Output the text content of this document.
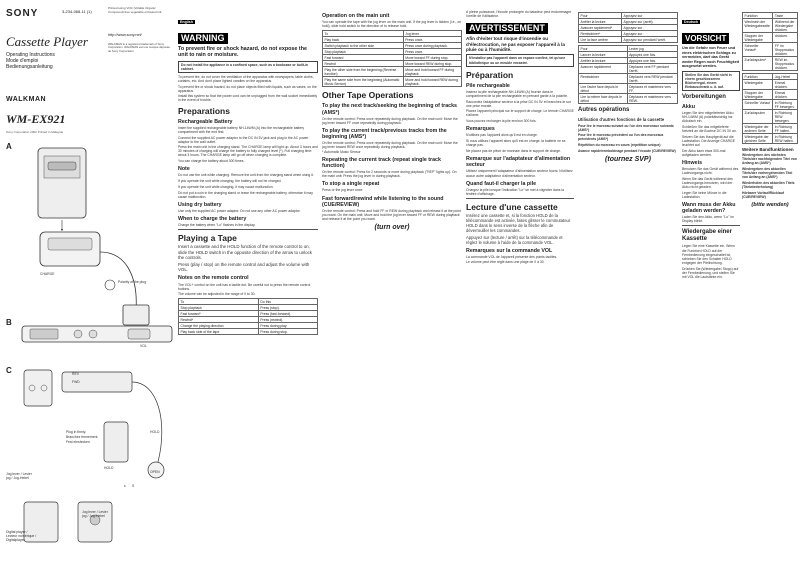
SONY	3-234-068-11 (1)
Printed using VOC (Volatile Organic Compound)-free vegetable oil based ink.
Cassette Player	http://www.sony.net/
WALKMAN is a registered trademark of Sony Corporation. WALKMAN est une marque déposée de Sony Corporation.
Operating Instructions
Mode d'emploi
Bedienungsanleitung
WALKMAN
WM-EX921
Sony Corporation 2002 Printed in Malaysia
A
CHARGE
Polarity of the plug
B
VOL
C	REV
FWD
Plug in firmly.
Branchez fermement.
Fest einstecken
HOLD
HOLD
OPEN
Jog lever / Levier jog / Jog-Hebel
Jog lever / Levier jog / Jog-Hebel
Digital player / Lecteur numérique / Digitalplayer
s S
English
WARNING
To prevent fire or shock hazard, do not expose the unit to rain or moisture.
Do not install the appliance in a confined space, such as a bookcase or built-in cabinet.

To prevent fire, do not cover the ventilation of the apparatus with newspapers, table cloths, curtains, etc. And don't place lighted candles on the apparatus.

To prevent fire or shock hazard, do not place objects filled with liquids, such as vases, on the apparatus.

Install this system so that the power cord can be unplugged from the wall socket immediately in the event of trouble.

Preparations
Rechargeable Battery

Insert the supplied rechargeable battery NH-14WM (A) into the rechargeable battery compartment with the end first.

Connect the supplied AC power adaptor to the DC IN 3V jack and plug in the AC power adaptor to the wall outlet.

Press the main unit in the charging stand. The CHARGE lamp will light up. About 3 hours and 30 minutes of charging will charge the battery to fully charged level (*). Full charging time: about 3 hours. The CHARGE lamp will go off when charging is complete.

You can charge the battery about 300 times.

Note

Do not use the unit while charging. Remove the unit from the charging stand when using it.

If you operate the unit while charging, the battery will not be charged.

If you operate the unit while charging, it may cause malfunction.

Do not put a coin in the charging stand or leave the rechargeable battery, otherwise it may cause malfunction.

Using dry battery
Use only the supplied AC power adaptor. Do not use any other AC power adaptor.
When to charge the battery
Charge the battery when "Lo" flashes in the display.
Playing a Tape

Insert a cassette and the HOLD function of the remote control to on, slide the HOLD switch in the opposite direction of the arrow to unlock the controls.

Press (play / stop) on the remote control and adjust the volume with VOL.

Notes on the remote control

The VOL+ control on the unit has a tactile dot. Be careful not to press the remote control buttons.

The volume can be adjusted in the range of 0 to 30.

To	Do this
Stop playback	Press (stop).
Fast forward*	Press (fast-forward).
Rewind*	Press (rewind).
Change the playing direction	Press during play.
Play back side of the tape	Press during stop.
Operation on the main unit
You can operate the tape with the jog lever on the main unit. If the jog lever is hidden (i.e., on hold), slide hold switch to the direction of to release hold.
To	Jog lever
Play back	Press once.
Switch playback to the other side	Press once during playback.
Stop playback	Press once.
Fast forward	Move toward FF during stop.
Rewind	Move toward REW during stop.
Play the other side from the beginning (Reverse function)	Move and hold toward FF during playback.
Play the same side from the beginning (Automatic Music Sensor)	Move and hold toward REW during playback.
Other Tape Operations
To play the next track/seeking the beginning of tracks (AMS*)
On the remote control: Press once repeatedly during playback. On the main unit: Move the jog lever toward FF once repeatedly during playback.
To play the current track/previous tracks from the beginning (AMS*)
On the remote control: Press once repeatedly during playback. On the main unit: Move the jog lever toward REW once repeatedly during playback.
* Automatic Music Sensor
Repeating the current track (repeat single track function)
On the remote control: Press for 2 seconds or more during playback ("REP" lights up). On the main unit: Press the jog lever in during playback.
To stop a single repeat
Press or the jog lever once.
Fast forward/rewind while listening to the sound (CUE/REVIEW)
On the remote control: Press and hold FF or REW during playback and release it at the point you want. On the main unit: Move and hold the jog lever toward FF or REW during playback and release it at the point you want.
(turn over)
À pleine puissance, l'écoute prolongée du baladeur peut endommager l'oreille de l'utilisateur.
AVERTISSEMENT
Afin d'éviter tout risque d'incendie ou d'électrocution, ne pas exposer l'appareil à la pluie ou à l'humidité.
N'installez pas l'appareil dans un espace confiné, tel qu'une bibliothèque ou un meuble encastré.
Préparation
Pile rechargeable

Insérez la pile rechargeable NH-14WM (A) fournie dans le compartiment de la pile rechargeable en prenant garde à la polarité.

Raccordez l'adaptateur secteur à la prise DC IN 3V et branchez-le sur une prise murale.

Placez l'appareil principal sur le support de charge. Le témoin CHARGE s'allume.

Vous pouvez recharger la pile environ 300 fois.

Remarques

N'utilisez pas l'appareil alors qu'il est en charge.

Si vous utilisez l'appareil alors qu'il est en charge, la batterie ne se charge pas.

Ne placez pas de pièce de monnaie dans le support de charge.

Remarque sur l'adaptateur d'alimentation secteur
Utilisez uniquement l'adaptateur d'alimentation secteur fourni. N'utilisez aucun autre adaptateur d'alimentation secteur.
Quand faut-il charger la pile
Chargez la pile lorsque l'indication "Lo" se met à clignoter dans la fenêtre d'affichage.
Lecture d'une cassette

Insérez une cassette et, si la fonction HOLD de la télécommande est activée, faites glisser le commutateur HOLD dans le sens inverse de la flèche afin de déverrouiller les commandes.

Appuyez sur (lecture / arrêt) sur la télécommande et réglez le volume à l'aide de la commande VOL.

Remarques sur la commande VOL

La commande VOL de l'appareil présente des points tactiles.

Le volume peut être réglé dans une plage de 0 à 30.

Pour	Appuyez sur
Arrêter la lecture	Appuyez sur (arrêt).
Avancer rapidement*	Appuyez sur .
Rembobiner*	Appuyez sur .
Lire la face arrière	Appuyez sur pendant l'arrêt.
Pour	Levier jog
Lancer la lecture	Appuyez une fois.
Arrêter la lecture	Appuyez une fois.
Avancer rapidement	Déplacez vers FF pendant l'arrêt.
Rembobiner	Déplacez vers REW pendant l'arrêt.
Lire l'autre face depuis le début	Déplacez et maintenez vers FF.
Lire la même face depuis le début	Déplacez et maintenez vers REW.
Autres opérations

Utilisation d'autres fonctions de la cassette

Pour lire le morceau suivant ou l'un des morceaux suivants (AMS*)

Pour lire le morceau précédent ou l'un des morceaux précédents (AMS*)

Répétition du morceau en cours (répétition unique)

Avance rapide/rembobinage pendant l'écoute (CUE/REVIEW)

(tournez SVP)
Deutsch
VORSICHT
Um die Gefahr von Feuer und eines elektrischen Schlags zu vermeiden, darf das Gerät weder Regen noch Feuchtigkeit ausgesetzt werden.
Stellen Sie das Gerät nicht in einem geschlossenen Bücherregal, einem Einbauschrank u. ä. auf.
Vorbereitungen
Akku

Legen Sie den mitgelieferten Akku NH-14WM (A) polaritätsrichtig ins Akkufach ein.

Schließen Sie das mitgelieferte Netzteil an die Buchse DC IN 3V an.

Setzen Sie das Hauptgerät auf die Ladestation. Die Anzeige CHARGE leuchtet auf.

Der Akku kann etwa 300-mal aufgeladen werden.

Hinweis

Benutzen Sie das Gerät während des Ladevorgangs nicht.

Wenn Sie das Gerät während des Ladevorgangs benutzen, wird der Akku nicht geladen.

Legen Sie keine Münze in die Ladestation.

Wann muss der Akku geladen werden?
Laden Sie den Akku, wenn "Lo" im Display blinkt.
Wiedergabe einer Kassette

Legen Sie eine Kassette ein. Wenn die Funktion HOLD auf der Fernbedienung eingeschaltet ist, schieben Sie den Schalter HOLD entgegen der Pfeilrichtung.

Drücken Sie (Wiedergabe/ Stopp) auf der Fernbedienung, und stellen Sie mit VOL die Lautstärke ein.

Funktion	Taste
Wechseln der Wiedergabeseite	Während der Wiedergabe drücken.
Stoppen der Wiedergabe	drücken.
Schneller Vorlauf*	FF im Stoppmodus drücken.
Zurückspulen*	REW im Stoppmodus drücken.
Funktion	Jog-Hebel
Wiedergabe	Einmal drücken.
Stoppen der Wiedergabe	Einmal drücken.
Schneller Vorlauf	In Richtung FF bewegen.
Zurückspulen	In Richtung REW bewegen.
Wiedergabe der anderen Seite	In Richtung FF halten.
Wiedergabe der gleichen Seite	In Richtung REW halten.
Weitere Bandfunktionen

Wiedergeben des nächsten Titels/der nachfolgenden Titel von Anfang an (AMS*)

Wiedergeben des aktuellen Titels/der vorhergehenden Titel von Anfang an (AMS*)

Wiederholen des aktuellen Titels (Titelwiederholung)

Hörbarer Vorlauf/Rücklauf (CUE/REVIEW)

(bitte wenden)
